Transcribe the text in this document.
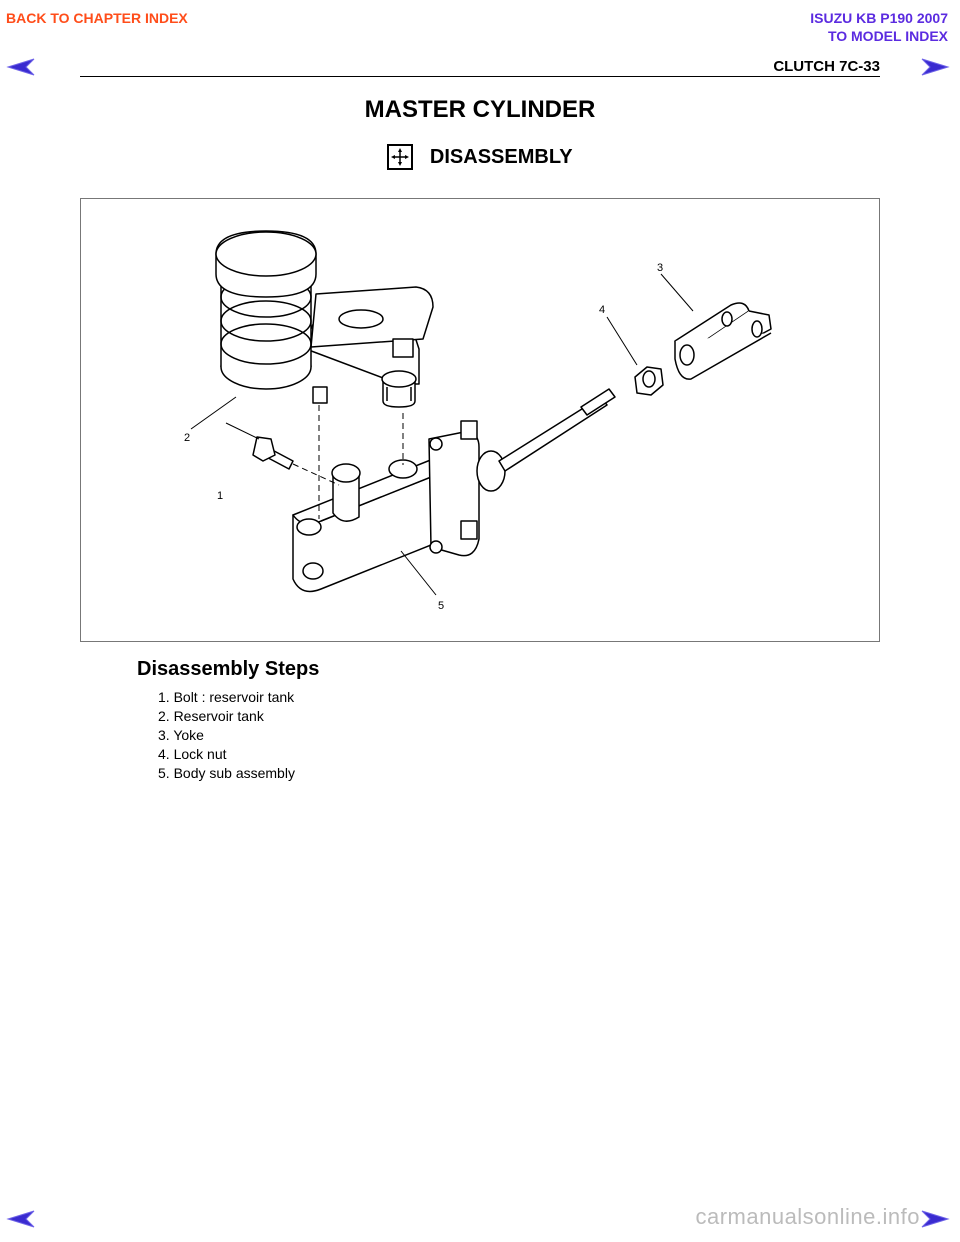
BACK TO CHAPTER INDEX	ISUZU KB P190 2007
TO MODEL INDEX
CLUTCH 7C-33
MASTER CYLINDER
DISASSEMBLY
1
2
3
4
5
Disassembly Steps
1. Bolt : reservoir tank
2. Reservoir tank
3. Yoke
4. Lock nut
5. Body sub assembly
carmanualsonline.info
